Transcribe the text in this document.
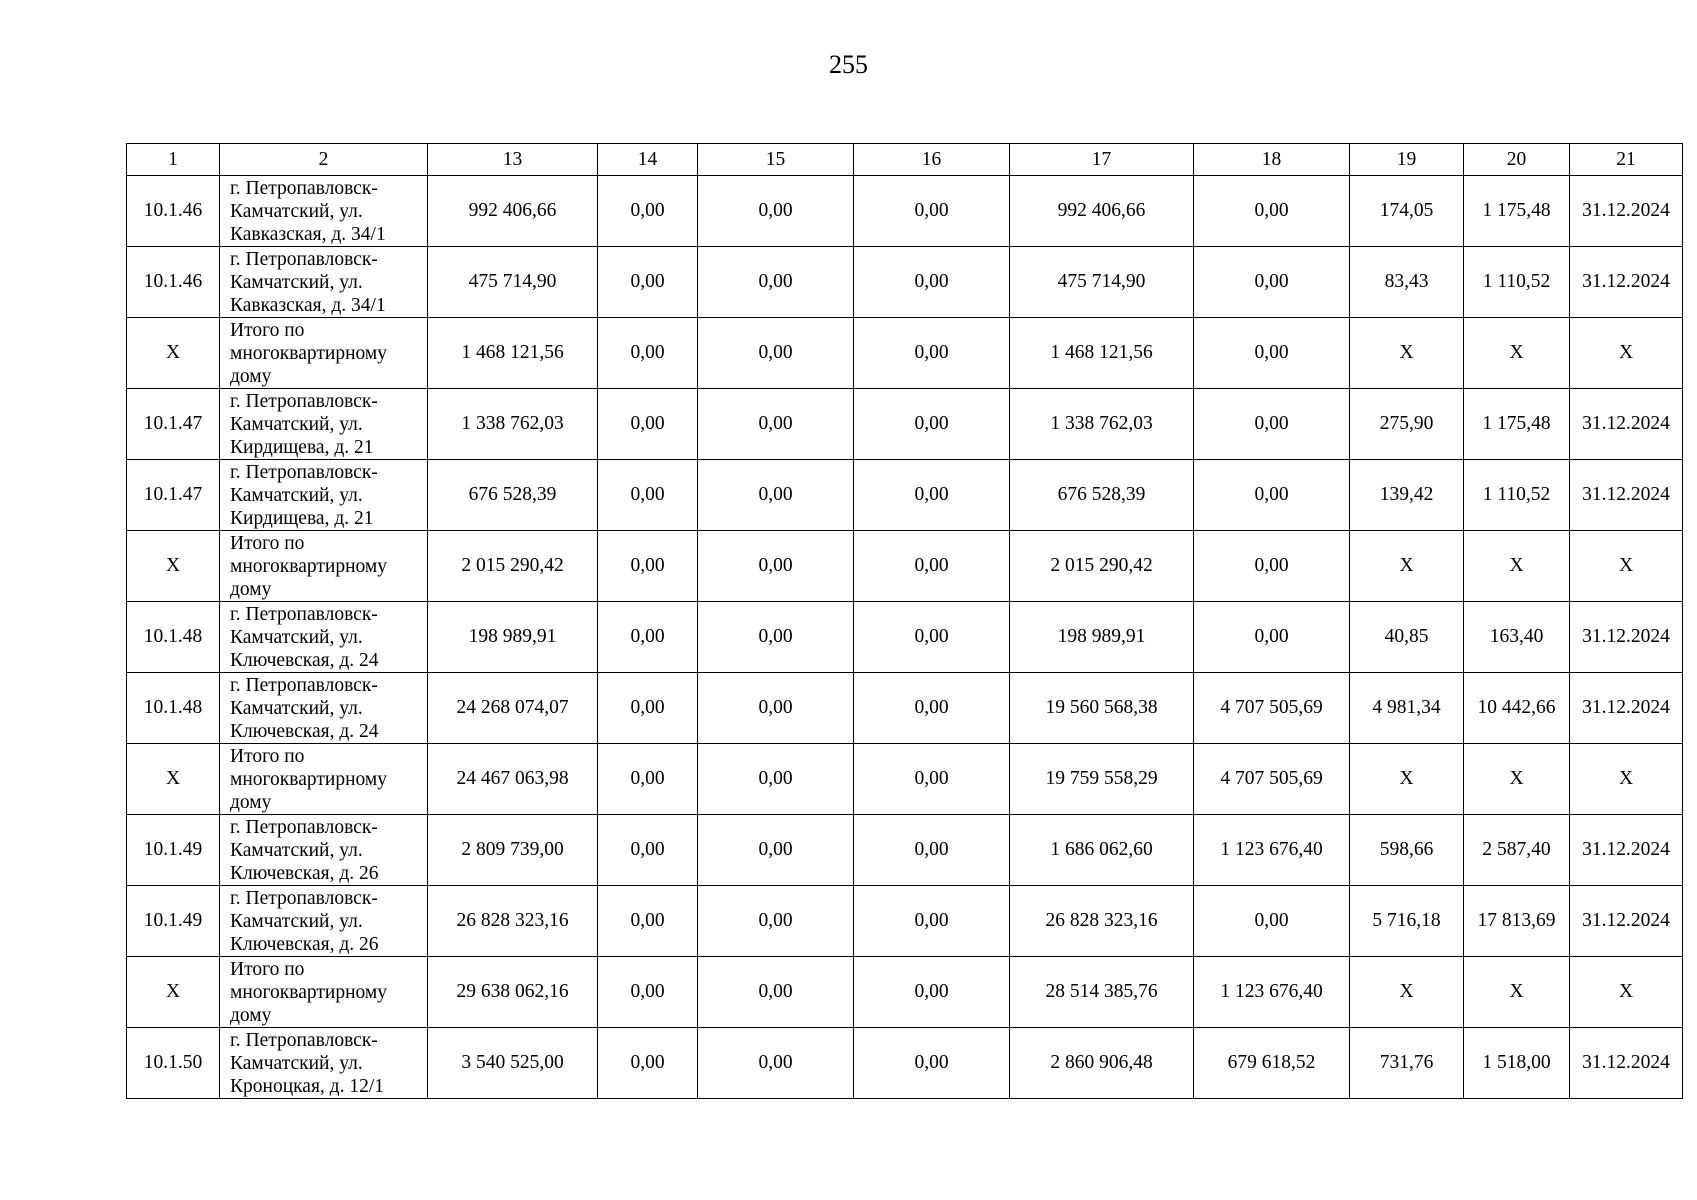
255
1	2	13	14	15	16	17	18	19	20	21
10.1.46	г. Петропавловск-
Камчатский, ул.
Кавказская, д. 34/1	992 406,66	0,00	0,00	0,00	992 406,66	0,00	174,05	1 175,48	31.12.2024
10.1.46	г. Петропавловск-
Камчатский, ул.
Кавказская, д. 34/1	475 714,90	0,00	0,00	0,00	475 714,90	0,00	83,43	1 110,52	31.12.2024
X	Итого по
многоквартирному
дому	1 468 121,56	0,00	0,00	0,00	1 468 121,56	0,00	X	X	X
10.1.47	г. Петропавловск-
Камчатский, ул.
Кирдищева, д. 21	1 338 762,03	0,00	0,00	0,00	1 338 762,03	0,00	275,90	1 175,48	31.12.2024
10.1.47	г. Петропавловск-
Камчатский, ул.
Кирдищева, д. 21	676 528,39	0,00	0,00	0,00	676 528,39	0,00	139,42	1 110,52	31.12.2024
X	Итого по
многоквартирному
дому	2 015 290,42	0,00	0,00	0,00	2 015 290,42	0,00	X	X	X
10.1.48	г. Петропавловск-
Камчатский, ул.
Ключевская, д. 24	198 989,91	0,00	0,00	0,00	198 989,91	0,00	40,85	163,40	31.12.2024
10.1.48	г. Петропавловск-
Камчатский, ул.
Ключевская, д. 24	24 268 074,07	0,00	0,00	0,00	19 560 568,38	4 707 505,69	4 981,34	10 442,66	31.12.2024
X	Итого по
многоквартирному
дому	24 467 063,98	0,00	0,00	0,00	19 759 558,29	4 707 505,69	X	X	X
10.1.49	г. Петропавловск-
Камчатский, ул.
Ключевская, д. 26	2 809 739,00	0,00	0,00	0,00	1 686 062,60	1 123 676,40	598,66	2 587,40	31.12.2024
10.1.49	г. Петропавловск-
Камчатский, ул.
Ключевская, д. 26	26 828 323,16	0,00	0,00	0,00	26 828 323,16	0,00	5 716,18	17 813,69	31.12.2024
X	Итого по
многоквартирному
дому	29 638 062,16	0,00	0,00	0,00	28 514 385,76	1 123 676,40	X	X	X
10.1.50	г. Петропавловск-
Камчатский, ул.
Кроноцкая, д. 12/1	3 540 525,00	0,00	0,00	0,00	2 860 906,48	679 618,52	731,76	1 518,00	31.12.2024
